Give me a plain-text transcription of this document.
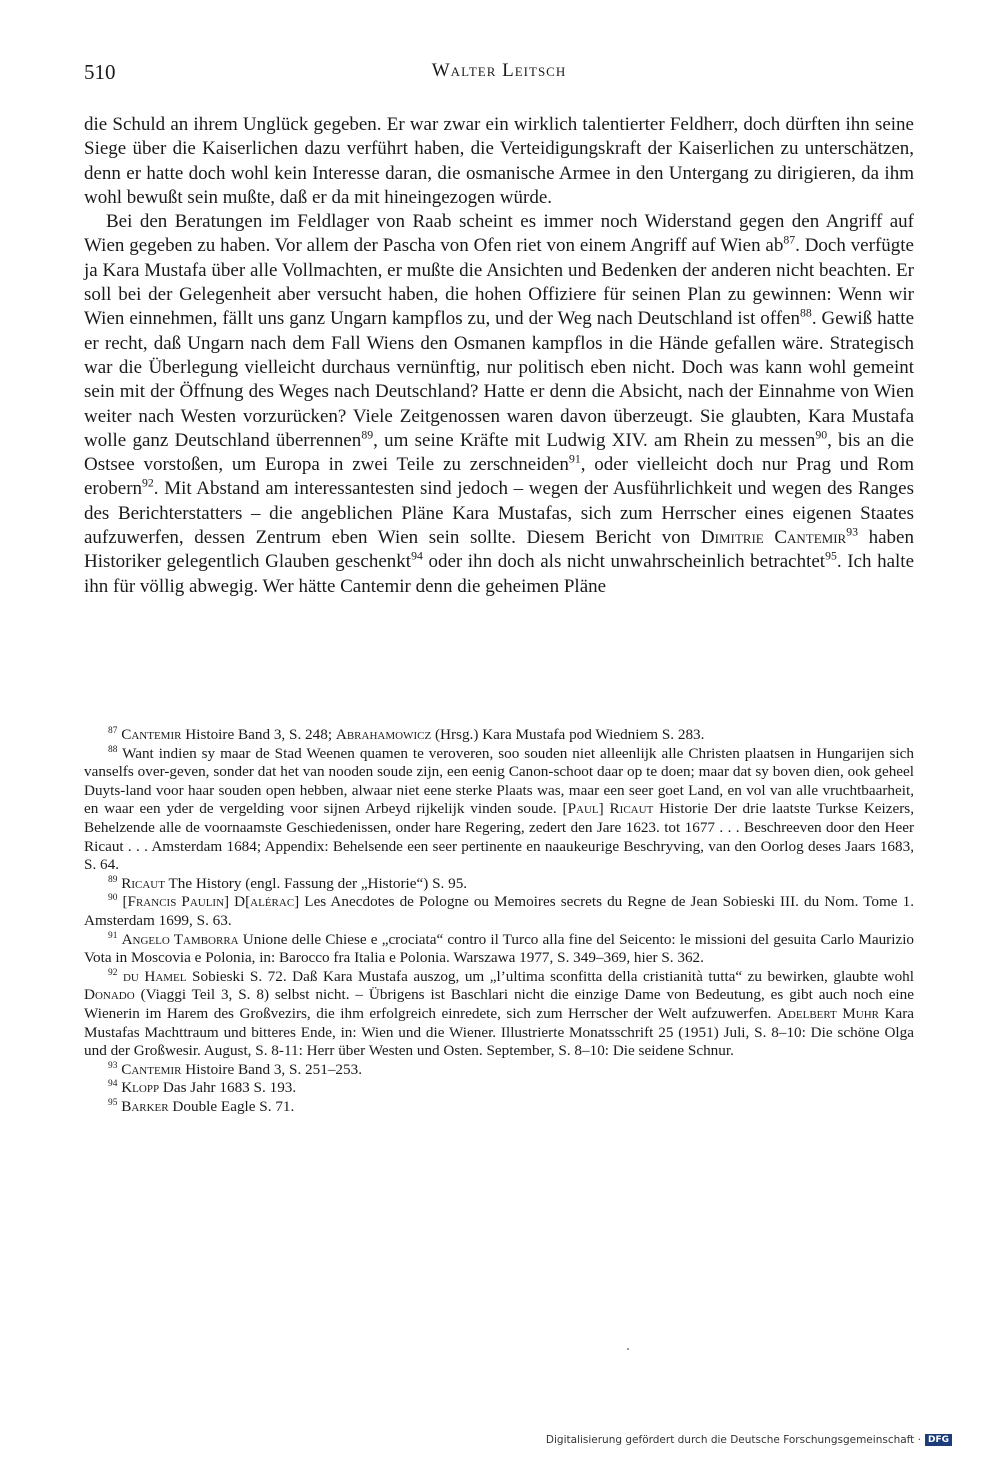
510	Walter Leitsch

die Schuld an ihrem Unglück gegeben. Er war zwar ein wirklich talentierter Feldherr, doch dürften ihn seine Siege über die Kaiserlichen dazu verführt haben, die Verteidigungskraft der Kaiserlichen zu unterschätzen, denn er hatte doch wohl kein Interesse daran, die osmanische Armee in den Untergang zu dirigieren, da ihm wohl bewußt sein mußte, daß er da mit hineingezogen würde.

Bei den Beratungen im Feldlager von Raab scheint es immer noch Widerstand gegen den Angriff auf Wien gegeben zu haben. Vor allem der Pascha von Ofen riet von einem Angriff auf Wien $ab^{87}$. Doch verfügte ja Kara Mustafa über alle Vollmachten, er mußte die Ansichten und Bedenken der anderen nicht beachten. Er soll bei der Gelegenheit aber versucht haben, die hohen Offiziere für seinen Plan zu gewinnen: Wenn wir Wien einnehmen, fällt uns ganz Ungarn kampflos zu, und der Weg nach Deutschland ist offen$^{88}$. Gewiß hatte er recht, daß Ungarn nach dem Fall Wiens den Osmanen kampflos in die Hände gefallen wäre. Strategisch war die Überlegung vielleicht durchaus vernünftig, nur politisch eben nicht. Doch was kann wohl gemeint sein mit der Öffnung des Weges nach Deutschland? Hatte er denn die Absicht, nach der Einnahme von Wien weiter nach Westen vorzurücken? Viele Zeitgenossen waren davon überzeugt. Sie glaubten, Kara Mustafa wolle ganz Deutschland überrennen$^{89}$, um seine Kräfte mit Ludwig XIV. am Rhein zu messen$^{90}$, bis an die Ostsee vorstoßen, um Europa in zwei Teile zu zerschneiden$^{91}$, oder vielleicht doch nur Prag und Rom erobern$^{92}$. Mit Abstand am interessantesten sind jedoch – wegen der Ausführlichkeit und wegen des Ranges des Berichterstatters – die angeblichen Pläne Kara Mustafas, sich zum Herrscher eines eigenen Staates aufzuwerfen, dessen Zentrum eben Wien sein sollte. Diesem Bericht von Dimitrie Cantemir$^{93}$ haben Historiker gelegentlich Glauben geschenkt$^{94}$ oder ihn doch als nicht unwahrscheinlich betrachtet$^{95}$. Ich halte ihn für völlig abwegig. Wer hätte Cantemir denn die geheimen Pläne

$^{87}$ Cantemir Histoire Band 3, S. 248; Abrahamowicz (Hrsg.) Kara Mustafa pod Wiedniem S. 283.

$^{88}$ Want indien sy maar de Stad Weenen quamen te veroveren, soo souden niet alleenlijk alle Christen plaatsen in Hungarijen sich vanselfs over-geven, sonder dat het van nooden soude zijn, een eenig Canon-schoot daar op te doen; maar dat sy boven dien, ook geheel Duyts-land voor haar souden open hebben, alwaar niet eene sterke Plaats was, maar een seer goet Land, en vol van alle vruchtbaarheit, en waar een yder de vergelding voor sijnen Arbeyd rijkelijk vinden soude. [Paul] Ricaut Historie Der drie laatste Turkse Keizers, Behelzende alle de voornaamste Geschiedenissen, onder hare Regering, zedert den Jare 1623. tot 1677 . . . Beschreeven door den Heer Ricaut . . . Amsterdam 1684; Appendix: Behelsende een seer pertinente en naaukeurige Beschryving, van den Oorlog deses Jaars 1683, S. 64.

$^{89}$ Ricaut The History (engl. Fassung der „Historie“) S. 95.

$^{90}$ [Francis Paulin] D[alérac] Les Anecdotes de Pologne ou Memoires secrets du Regne de Jean Sobieski III. du Nom. Tome 1. Amsterdam 1699, S. 63.

$^{91}$ Angelo Tamborra Unione delle Chiese e „crociata“ contro il Turco alla fine del Seicento: le missioni del gesuita Carlo Maurizio Vota in Moscovia e Polonia, in: Barocco fra Italia e Polonia. Warszawa 1977, S. 349–369, hier S. 362.

$^{92}$ du Hamel Sobieski S. 72. Daß Kara Mustafa auszog, um „l’ultima sconfitta della cristianità tutta“ zu bewirken, glaubte wohl Donado (Viaggi Teil 3, S. 8) selbst nicht. – Übrigens ist Baschlari nicht die einzige Dame von Bedeutung, es gibt auch noch eine Wienerin im Harem des Großvezirs, die ihm erfolgreich einredete, sich zum Herrscher der Welt aufzuwerfen. Adelbert Muhr Kara Mustafas Machttraum und bitteres Ende, in: Wien und die Wiener. Illustrierte Monatsschrift 25 (1951) Juli, S. 8–10: Die schöne Olga und der Großwesir. August, S. 8-11: Herr über Westen und Osten. September, S. 8–10: Die seidene Schnur.

$^{93}$ Cantemir Histoire Band 3, S. 251–253.

$^{94}$ Klopp Das Jahr 1683 S. 193.

$^{95}$ Barker Double Eagle S. 71.

Digitalisierung gefördert durch die Deutsche Forschungsgemeinschaft · DFG
